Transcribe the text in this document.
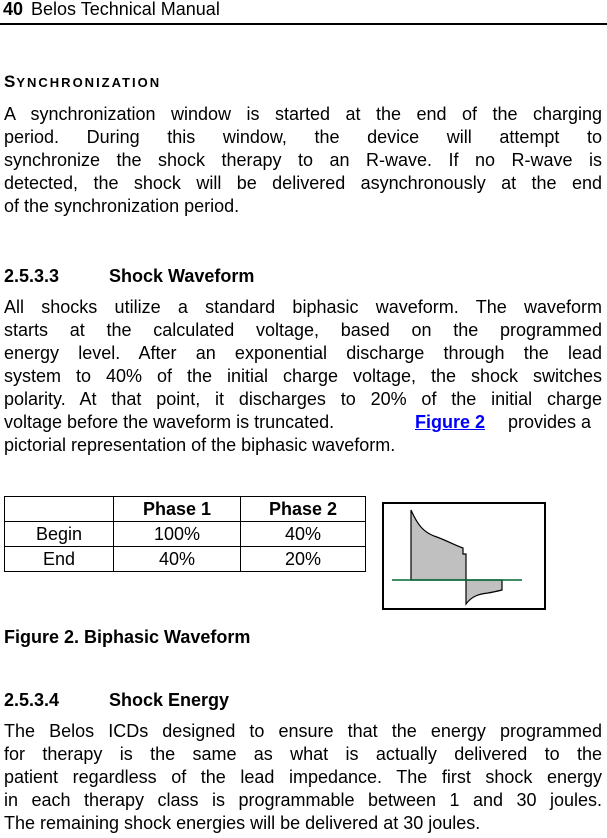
40 Belos Technical Manual
SYNCHRONIZATION
A synchronization window is started at the end of the charging
period. During this window, the device will attempt to
synchronize the shock therapy to an R-wave. If no R-wave is
detected, the shock will be delivered asynchronously at the end
of the synchronization period.
2.5.3.3	Shock Waveform
All shocks utilize a standard biphasic waveform. The waveform
starts at the calculated voltage, based on the programmed
energy level. After an exponential discharge through the lead
system to 40% of the initial charge voltage, the shock switches
polarity. At that point, it discharges to 20% of the initial charge
voltage before the waveform is truncated.	Figure 2 provides a
pictorial representation of the biphasic waveform.
	Phase 1	Phase 2
Begin	100%	40%
End	40%	20%
Figure 2. Biphasic Waveform
2.5.3.4	Shock Energy
The Belos ICDs designed to ensure that the energy programmed
for therapy is the same as what is actually delivered to the
patient regardless of the lead impedance. The first shock energy
in each therapy class is programmable between 1 and 30 joules.
The remaining shock energies will be delivered at 30 joules.
